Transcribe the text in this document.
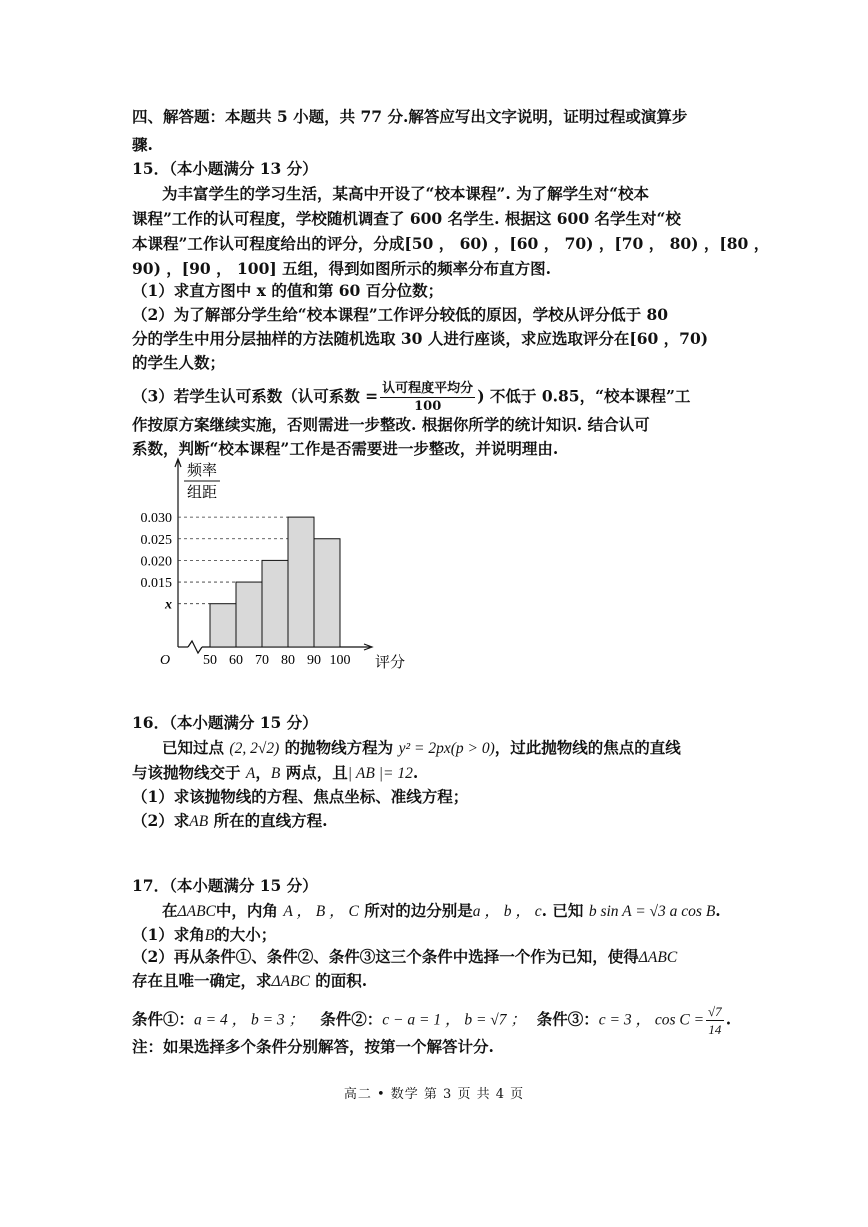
四、解答题：本题共 5 小题，共 77 分.解答应写出文字说明，证明过程或演算步
骤.
15．（本小题满分 13 分）
为丰富学生的学习生活，某高中开设了“校本课程”. 为了解学生对“校本
课程”工作的认可程度，学校随机调查了 600 名学生. 根据这 600 名学生对“校
本课程”工作认可程度给出的评分，分成[50 ， 60) ，[60 ， 70) ，[70 ， 80) ，[80 ，
90) ，[90 ， 100] 五组，得到如图所示的频率分布直方图.
（1）求直方图中 x 的值和第 60 百分位数；
（2）为了解部分学生给“校本课程”工作评分较低的原因，学校从评分低于 80
分的学生中用分层抽样的方法随机选取 30 人进行座谈，求应选取评分在[60 ，70)
的学生人数；
（3）若学生认可系数（认可系数 = $\frac{\text{认可程度平均分}}{100}$ ) 不低于 0.85，“校本课程”工
作按原方案继续实施，否则需进一步整改. 根据你所学的统计知识. 结合认可
系数，判断“校本课程”工作是否需要进一步整改，并说明理由.
x
0.015
0.020
0.025
0.030
50 60 70 80 90 100
频率
组距
评分
O
16．（本小题满分 15 分）
已知过点 (2, 2√2) 的抛物线方程为 y² = 2px(p > 0)，过此抛物线的焦点的直线
与该抛物线交于 A，B 两点，且| AB |= 12.
（1）求该抛物线的方程、焦点坐标、准线方程；
（2）求AB 所在的直线方程.
17．（本小题满分 15 分）
在ΔABC中，内角 A ， B ， C 所对的边分别是a ， b ， c. 已知 b sin A = √3 a cos B.
（1）求角B的大小；
（2）再从条件①、条件②、条件③这三个条件中选择一个作为已知，使得ΔABC
存在且唯一确定，求ΔABC 的面积.
条件①：a = 4 ， b = 3 ； 条件②：c − a = 1 ， b = √7 ； 条件③：c = 3 ， $\cos C = \frac{√7}{14}$ .
注：如果选择多个条件分别解答，按第一个解答计分.
高二 • 数学 第 3 页 共 4 页
